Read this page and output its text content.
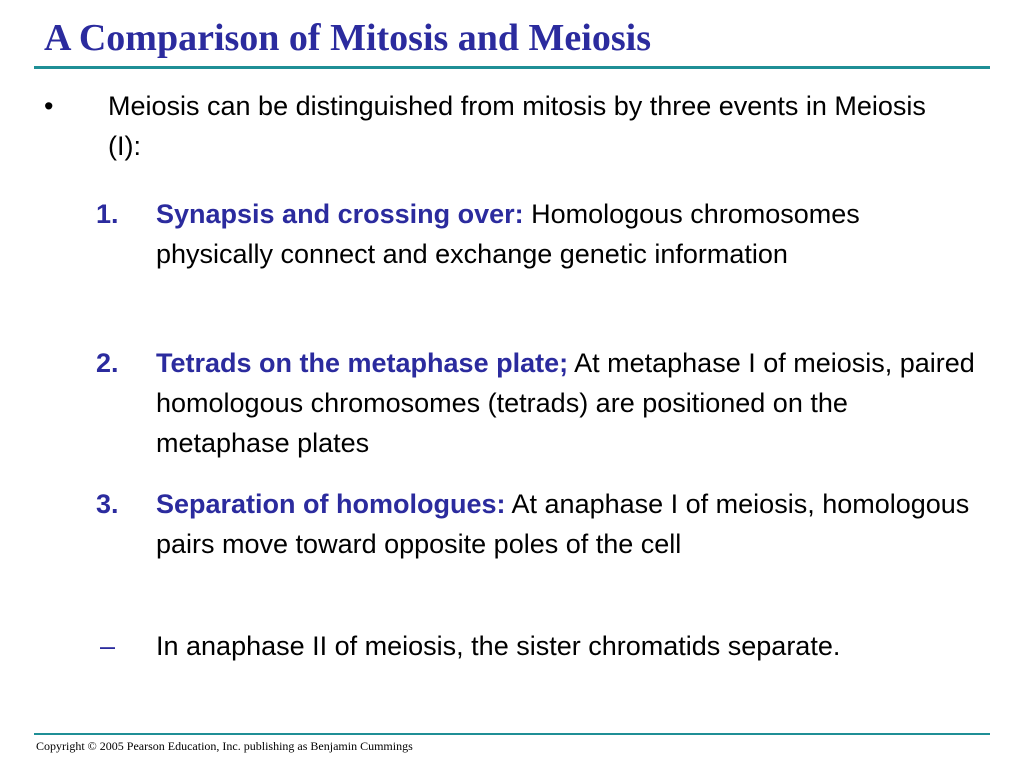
A Comparison of Mitosis and Meiosis
•	Meiosis can be distinguished from mitosis by three events in Meiosis (I):
1.	Synapsis and crossing over: Homologous chromosomes physically connect and exchange genetic information
2.	Tetrads on the metaphase plate; At metaphase I of meiosis, paired homologous chromosomes (tetrads) are positioned on the metaphase plates
3.	Separation of homologues: At anaphase I of meiosis, homologous pairs move toward opposite poles of the cell
–	In anaphase II of meiosis, the sister chromatids separate.
Copyright © 2005 Pearson Education, Inc. publishing as Benjamin Cummings
